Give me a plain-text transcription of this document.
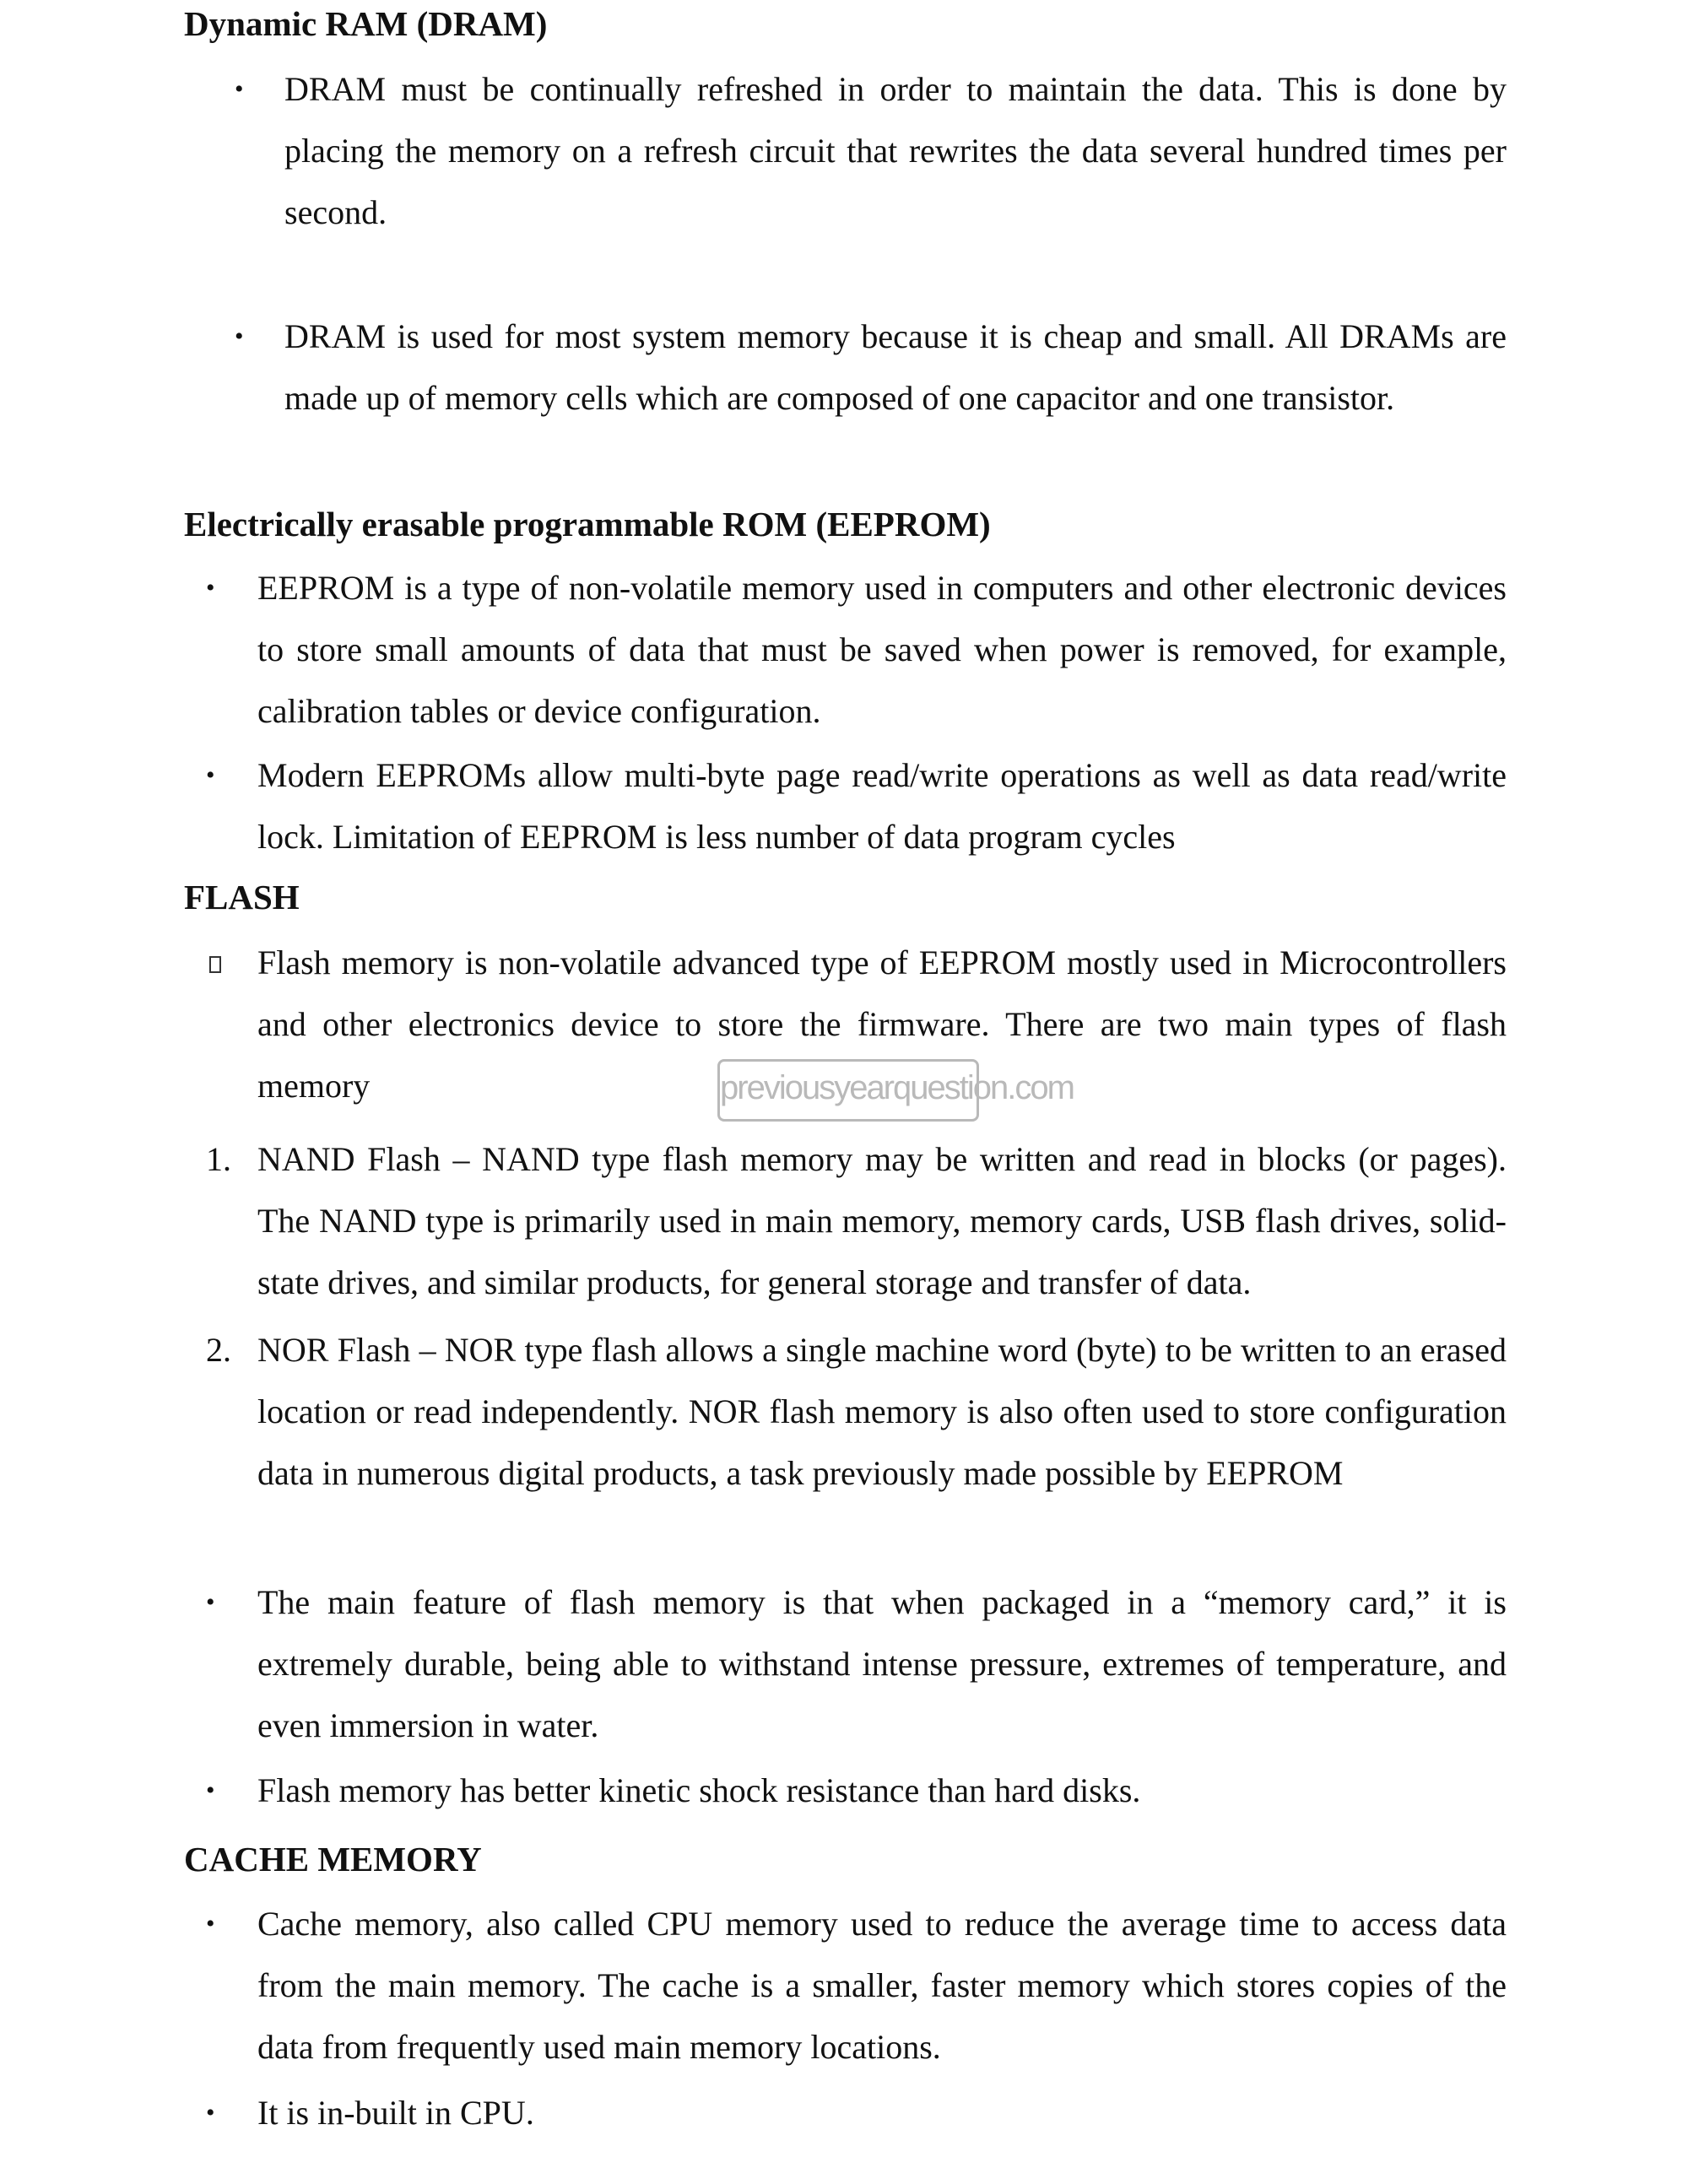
Dynamic RAM (DRAM)
• DRAM must be continually refreshed in order to maintain the data. This is done by placing the memory on a refresh circuit that rewrites the data several hundred times per second.
• DRAM is used for most system memory because it is cheap and small. All DRAMs are made up of memory cells which are composed of one capacitor and one transistor.
Electrically erasable programmable ROM (EEPROM)
• EEPROM is a type of non-volatile memory used in computers and other electronic devices to store small amounts of data that must be saved when power is removed, for example, calibration tables or device configuration.
• Modern EEPROMs allow multi-byte page read/write operations as well as data read/write lock. Limitation of EEPROM is less number of data program cycles
FLASH
Flash memory is non-volatile advanced type of EEPROM mostly used in Microcontrollers and other electronics device to store the firmware. There are two main types of flash memory
1. NAND Flash – NAND type flash memory may be written and read in blocks (or pages). The NAND type is primarily used in main memory, memory cards, USB flash drives, solid-state drives, and similar products, for general storage and transfer of data.
2. NOR Flash – NOR type flash allows a single machine word (byte) to be written to an erased location or read independently. NOR flash memory is also often used to store configuration data in numerous digital products, a task previously made possible by EEPROM
• The main feature of flash memory is that when packaged in a “memory card,” it is extremely durable, being able to withstand intense pressure, extremes of temperature, and even immersion in water.
• Flash memory has better kinetic shock resistance than hard disks.
CACHE MEMORY
• Cache memory, also called CPU memory used to reduce the average time to access data from the main memory. The cache is a smaller, faster memory which stores copies of the data from frequently used main memory locations.
• It is in-built in CPU.
previousyearquestion.com
